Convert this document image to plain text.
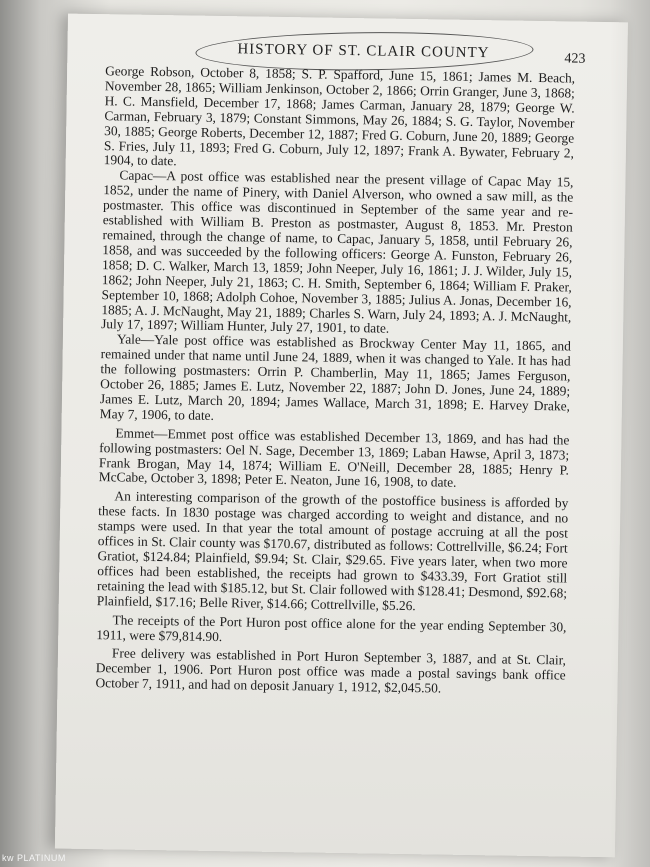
HISTORY OF ST. CLAIR COUNTY	423

George Robson, October 8, 1858; S. P. Spafford, June 15, 1861; James M. Beach, November 28, 1865; William Jenkinson, October 2, 1866; Orrin Granger, June 3, 1868; H. C. Mansfield, December 17, 1868; James Carman, January 28, 1879; George W. Carman, February 3, 1879; Constant Simmons, May 26, 1884; S. G. Taylor, November 30, 1885; George Roberts, December 12, 1887; Fred G. Coburn, June 20, 1889; George S. Fries, July 11, 1893; Fred G. Coburn, July 12, 1897; Frank A. Bywater, February 2, 1904, to date.

Capac—A post office was established near the present village of Capac May 15, 1852, under the name of Pinery, with Daniel Alverson, who owned a saw mill, as the postmaster. This office was discontinued in September of the same year and re-established with William B. Preston as postmaster, August 8, 1853. Mr. Preston remained, through the change of name, to Capac, January 5, 1858, until February 26, 1858, and was succeeded by the following officers: George A. Funston, February 26, 1858; D. C. Walker, March 13, 1859; John Neeper, July 16, 1861; J. J. Wilder, July 15, 1862; John Neeper, July 21, 1863; C. H. Smith, September 6, 1864; William F. Praker, September 10, 1868; Adolph Cohoe, November 3, 1885; Julius A. Jonas, December 16, 1885; A. J. McNaught, May 21, 1889; Charles S. Warn, July 24, 1893; A. J. McNaught, July 17, 1897; William Hunter, July 27, 1901, to date.

Yale—Yale post office was established as Brockway Center May 11, 1865, and remained under that name until June 24, 1889, when it was changed to Yale. It has had the following postmasters: Orrin P. Chamberlin, May 11, 1865; James Ferguson, October 26, 1885; James E. Lutz, November 22, 1887; John D. Jones, June 24, 1889; James E. Lutz, March 20, 1894; James Wallace, March 31, 1898; E. Harvey Drake, May 7, 1906, to date.

Emmet—Emmet post office was established December 13, 1869, and has had the following postmasters: Oel N. Sage, December 13, 1869; Laban Hawse, April 3, 1873; Frank Brogan, May 14, 1874; William E. O'Neill, December 28, 1885; Henry P. McCabe, October 3, 1898; Peter E. Neaton, June 16, 1908, to date.

An interesting comparison of the growth of the postoffice business is afforded by these facts. In 1830 postage was charged according to weight and distance, and no stamps were used. In that year the total amount of postage accruing at all the post offices in St. Clair county was $170.67, distributed as follows: Cottrellville, $6.24; Fort Gratiot, $124.84; Plainfield, $9.94; St. Clair, $29.65. Five years later, when two more offices had been established, the receipts had grown to $433.39, Fort Gratiot still retaining the lead with $185.12, but St. Clair followed with $128.41; Desmond, $92.68; Plainfield, $17.16; Belle River, $14.66; Cottrellville, $5.26.

The receipts of the Port Huron post office alone for the year ending September 30, 1911, were $79,814.90.

Free delivery was established in Port Huron September 3, 1887, and at St. Clair, December 1, 1906. Port Huron post office was made a postal savings bank office October 7, 1911, and had on deposit January 1, 1912, $2,045.50.

kw PLATINUM
